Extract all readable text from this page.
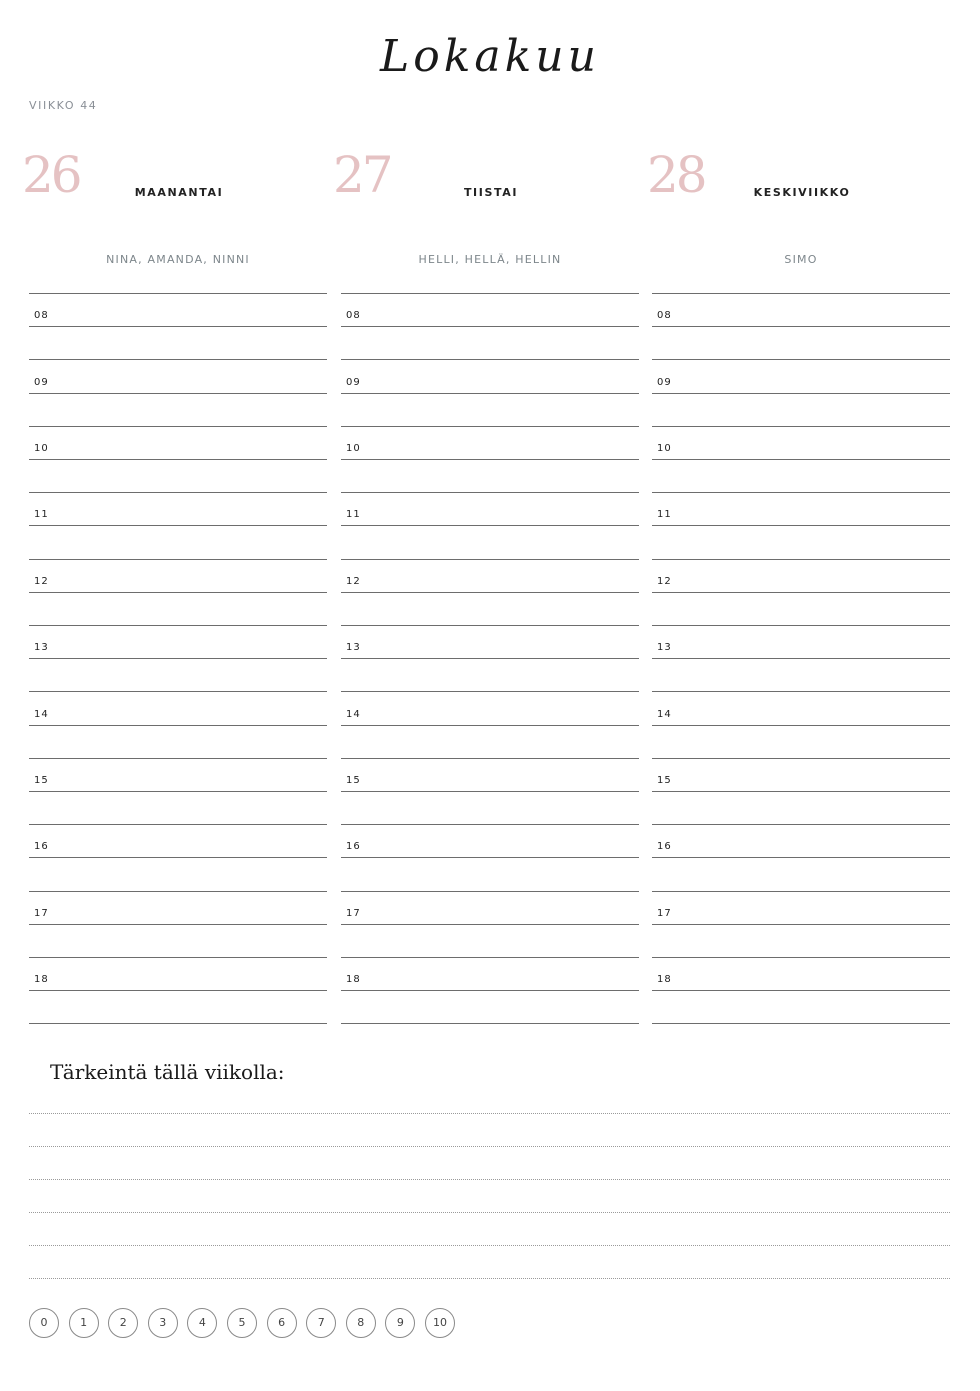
Lokakuu
VIIKKO 44
26	MAANANTAI
NINA, AMANDA, NINNI
08
09
10
11
12
13
14
15
16
17
18
27	TIISTAI
HELLI, HELLÄ, HELLIN
08
09
10
11
12
13
14
15
16
17
18
28	KESKIVIIKKO
SIMO
08
09
10
11
12
13
14
15
16
17
18
Tärkeintä tällä viikolla:
0	1	2	3	4	5	6	7	8	9	10
